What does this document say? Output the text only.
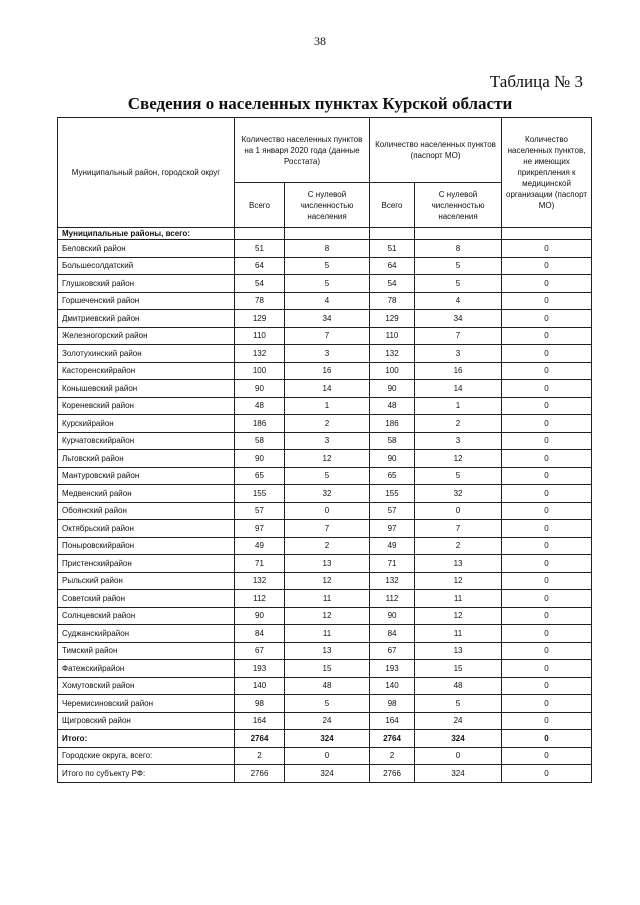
38
Таблица № 3
Сведения о населенных пунктах Курской области
Муниципальный район, городской округ	Количество населенных пунктов на 1 января 2020 года (данные Росстата)		Количество населенных пунктов (паспорт МО)		Количество населенных пунктов, не имеющих прикрепления к медицинской организации (паспорт МО)
	Всего	С нулевой численностью населения	Всего	С нулевой численностью населения	
Муниципальные районы, всего:					
Беловский район	51	8	51	8	0
Большесолдатский	64	5	64	5	0
Глушковский район	54	5	54	5	0
Горшеченский район	78	4	78	4	0
Дмитриевский район	129	34	129	34	0
Железногорский район	110	7	110	7	0
Золотухинский район	132	3	132	3	0
Касторенскийрайон	100	16	100	16	0
Конышевский район	90	14	90	14	0
Кореневский район	48	1	48	1	0
Курскийрайон	186	2	186	2	0
Курчатовскийрайон	58	3	58	3	0
Льговский район	90	12	90	12	0
Мантуровский район	65	5	65	5	0
Медвенский район	155	32	155	32	0
Обоянский район	57	0	57	0	0
Октябрьский район	97	7	97	7	0
Поныровскийрайон	49	2	49	2	0
Пристенскийрайон	71	13	71	13	0
Рыльский район	132	12	132	12	0
Советский район	112	11	112	11	0
Солнцевский район	90	12	90	12	0
Суджанскийрайон	84	11	84	11	0
Тимский район	67	13	67	13	0
Фатежскийрайон	193	15	193	15	0
Хомутовский район	140	48	140	48	0
Черемисиновский район	98	5	98	5	0
Щигровский район	164	24	164	24	0
Итого:	2764	324	2764	324	0
Городские округа, всего:	2	0	2	0	0
Итого по субъекту РФ:	2766	324	2766	324	0
